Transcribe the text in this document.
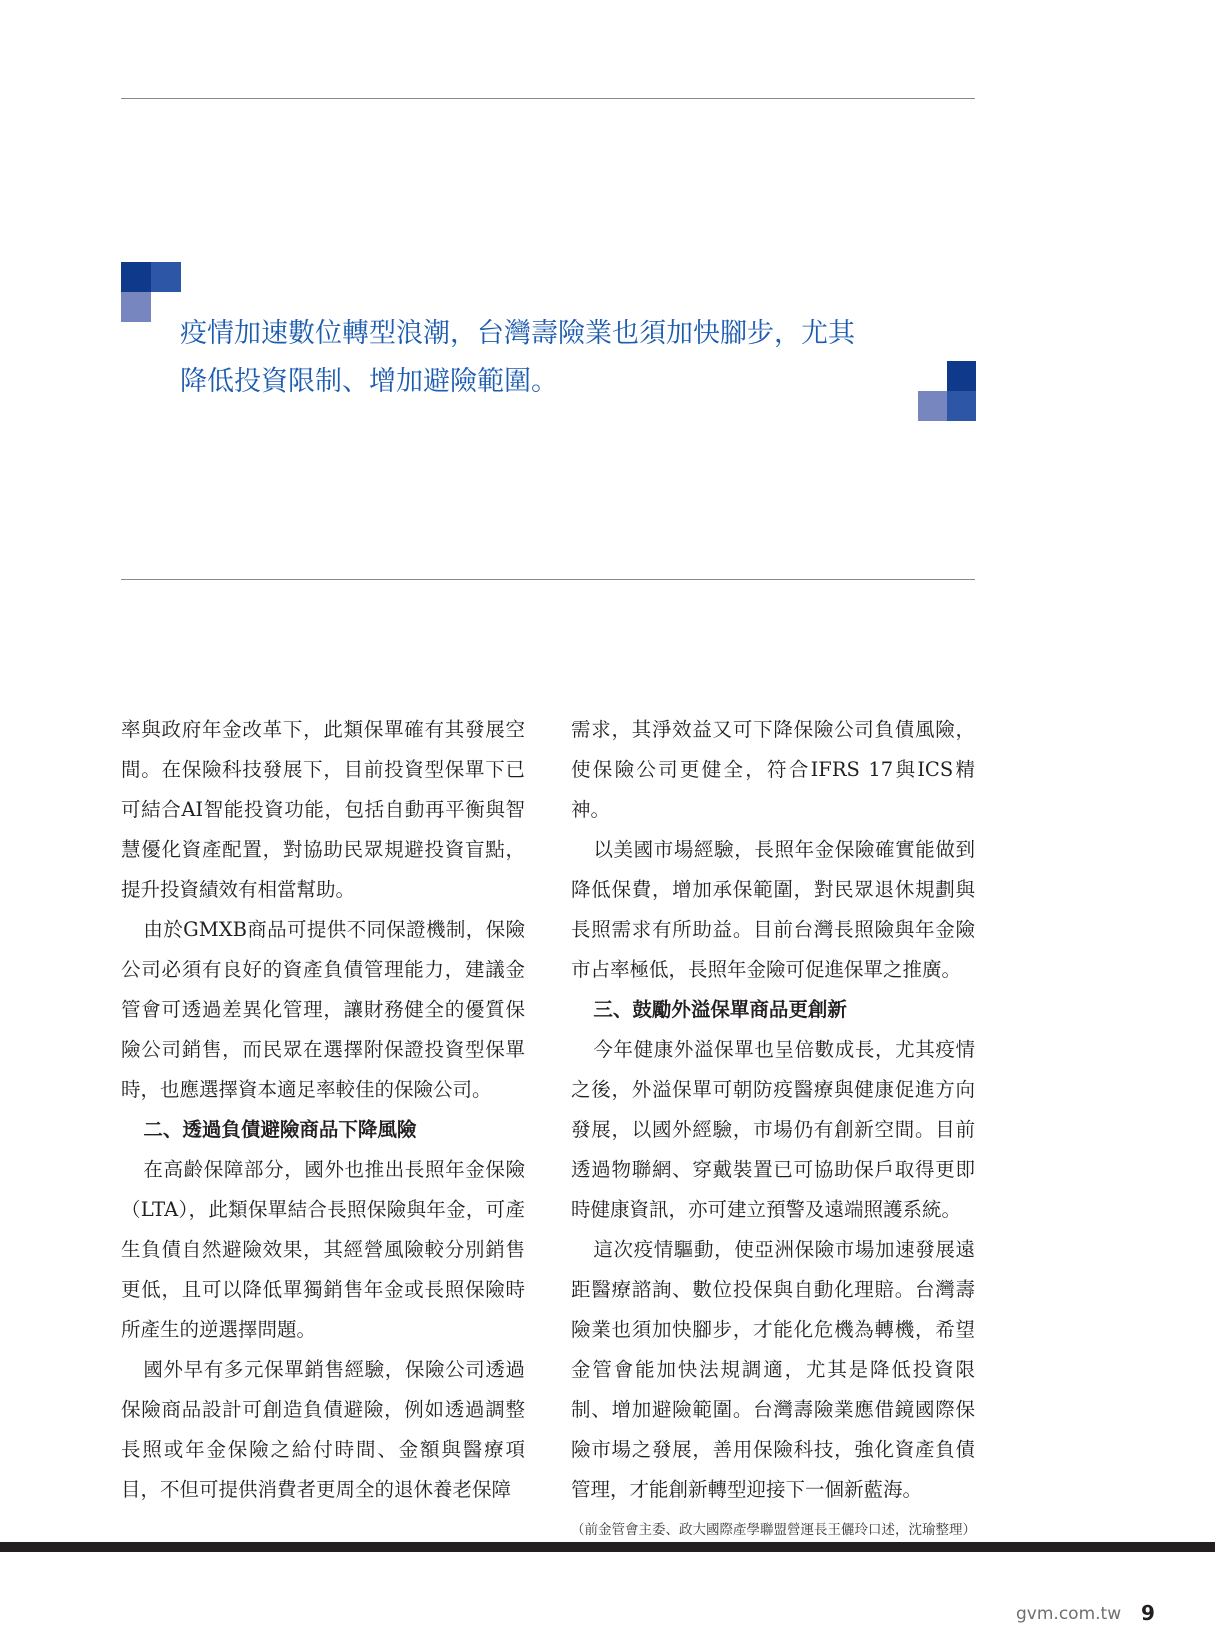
疫情加速數位轉型浪潮，台灣壽險業也須加快腳步，尤其
降低投資限制、增加避險範圍。

率與政府年金改革下，此類保單確有其發展空間。在保險科技發展下，目前投資型保單下已可結合AI智能投資功能，包括自動再平衡與智慧優化資產配置，對協助民眾規避投資盲點，提升投資績效有相當幫助。

由於GMXB商品可提供不同保證機制，保險公司必須有良好的資產負債管理能力，建議金管會可透過差異化管理，讓財務健全的優質保險公司銷售，而民眾在選擇附保證投資型保單時，也應選擇資本適足率較佳的保險公司。

二、透過負債避險商品下降風險

在高齡保障部分，國外也推出長照年金保險（LTA），此類保單結合長照保險與年金，可產生負債自然避險效果，其經營風險較分別銷售更低，且可以降低單獨銷售年金或長照保險時所產生的逆選擇問題。

國外早有多元保單銷售經驗，保險公司透過保險商品設計可創造負債避險，例如透過調整長照或年金保險之給付時間、金額與醫療項目，不但可提供消費者更周全的退休養老保障

需求，其淨效益又可下降保險公司負債風險，使保險公司更健全，符合IFRS 17與ICS精神。

以美國市場經驗，長照年金保險確實能做到降低保費，增加承保範圍，對民眾退休規劃與長照需求有所助益。目前台灣長照險與年金險市占率極低，長照年金險可促進保單之推廣。

三、鼓勵外溢保單商品更創新

今年健康外溢保單也呈倍數成長，尤其疫情之後，外溢保單可朝防疫醫療與健康促進方向發展，以國外經驗，市場仍有創新空間。目前透過物聯網、穿戴裝置已可協助保戶取得更即時健康資訊，亦可建立預警及遠端照護系統。

這次疫情驅動，使亞洲保險市場加速發展遠距醫療諮詢、數位投保與自動化理賠。台灣壽險業也須加快腳步，才能化危機為轉機，希望金管會能加快法規調適，尤其是降低投資限制、增加避險範圍。台灣壽險業應借鏡國際保險市場之發展，善用保險科技，強化資產負債管理，才能創新轉型迎接下一個新藍海。

（前金管會主委、政大國際產學聯盟營運長王儷玲口述，沈瑜整理）
gvm.com.tw 9
